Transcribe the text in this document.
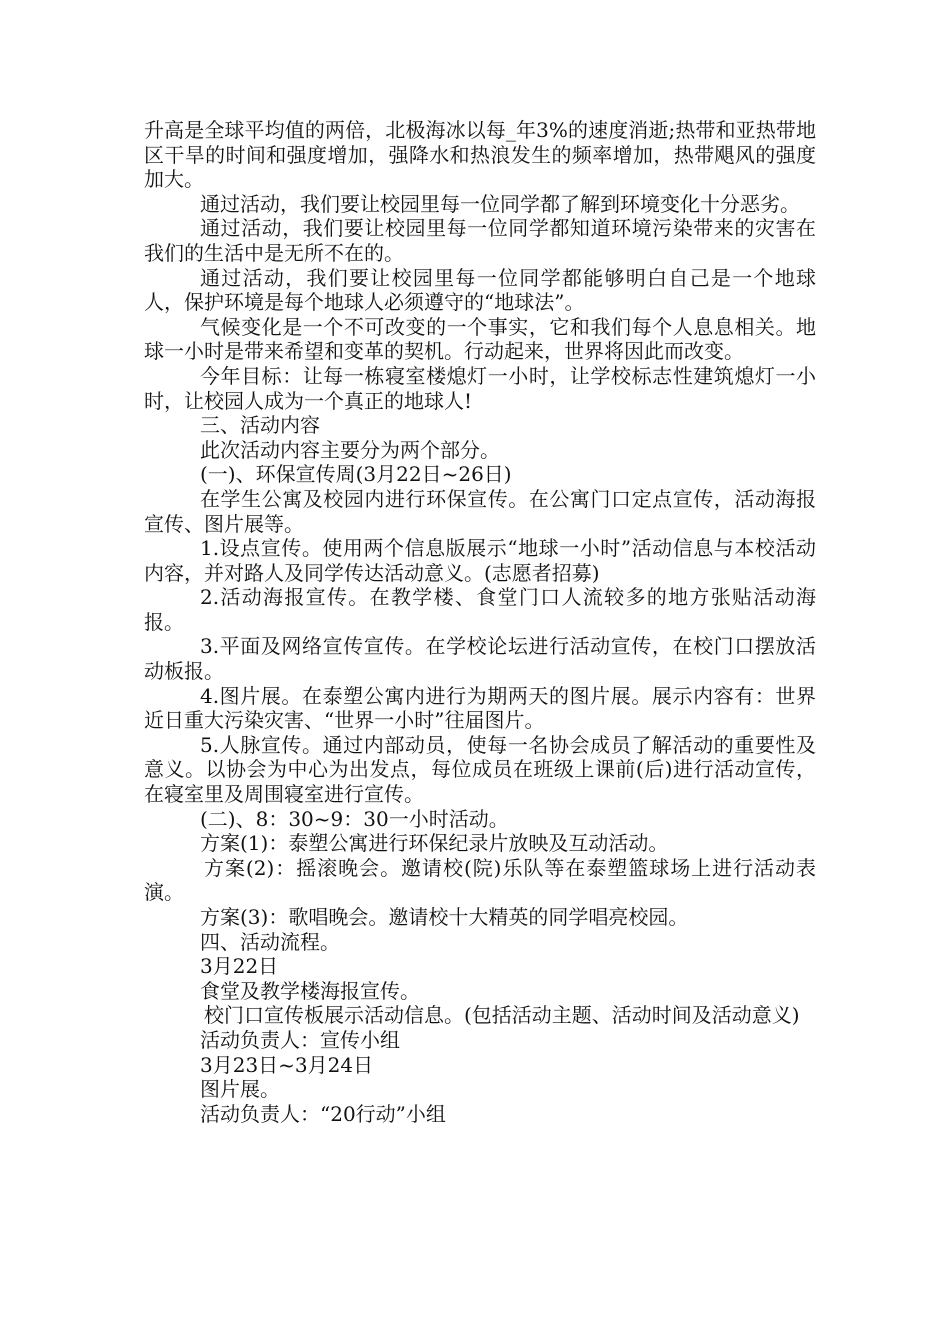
升高是全球平均值的两倍，北极海冰以每_年3%的速度消逝;热带和亚热带地区干旱的时间和强度增加，强降水和热浪发生的频率增加，热带飓风的强度加大。

通过活动，我们要让校园里每一位同学都了解到环境变化十分恶劣。

通过活动，我们要让校园里每一位同学都知道环境污染带来的灾害在我们的生活中是无所不在的。

通过活动，我们要让校园里每一位同学都能够明白自己是一个地球人，保护环境是每个地球人必须遵守的“地球法”。

气候变化是一个不可改变的一个事实，它和我们每个人息息相关。地球一小时是带来希望和变革的契机。行动起来，世界将因此而改变。

今年目标：让每一栋寝室楼熄灯一小时，让学校标志性建筑熄灯一小时，让校园人成为一个真正的地球人!

三、活动内容

此次活动内容主要分为两个部分。

(一)、环保宣传周(3月22日~26日)

在学生公寓及校园内进行环保宣传。在公寓门口定点宣传，活动海报宣传、图片展等。

1.设点宣传。使用两个信息版展示“地球一小时”活动信息与本校活动内容，并对路人及同学传达活动意义。(志愿者招募)

2.活动海报宣传。在教学楼、食堂门口人流较多的地方张贴活动海报。

3.平面及网络宣传宣传。在学校论坛进行活动宣传，在校门口摆放活动板报。

4.图片展。在泰塑公寓内进行为期两天的图片展。展示内容有：世界近日重大污染灾害、“世界一小时”往届图片。

5.人脉宣传。通过内部动员，使每一名协会成员了解活动的重要性及意义。以协会为中心为出发点，每位成员在班级上课前(后)进行活动宣传，在寝室里及周围寝室进行宣传。

(二)、8：30~9：30一小时活动。

方案(1)：泰塑公寓进行环保纪录片放映及互动活动。

方案(2)：摇滚晚会。邀请校(院)乐队等在泰塑篮球场上进行活动表演。

方案(3)：歌唱晚会。邀请校十大精英的同学唱亮校园。

四、活动流程。

3月22日

食堂及教学楼海报宣传。

校门口宣传板展示活动信息。(包括活动主题、活动时间及活动意义)

活动负责人：宣传小组

3月23日~3月24日

图片展。

活动负责人：“20行动”小组
